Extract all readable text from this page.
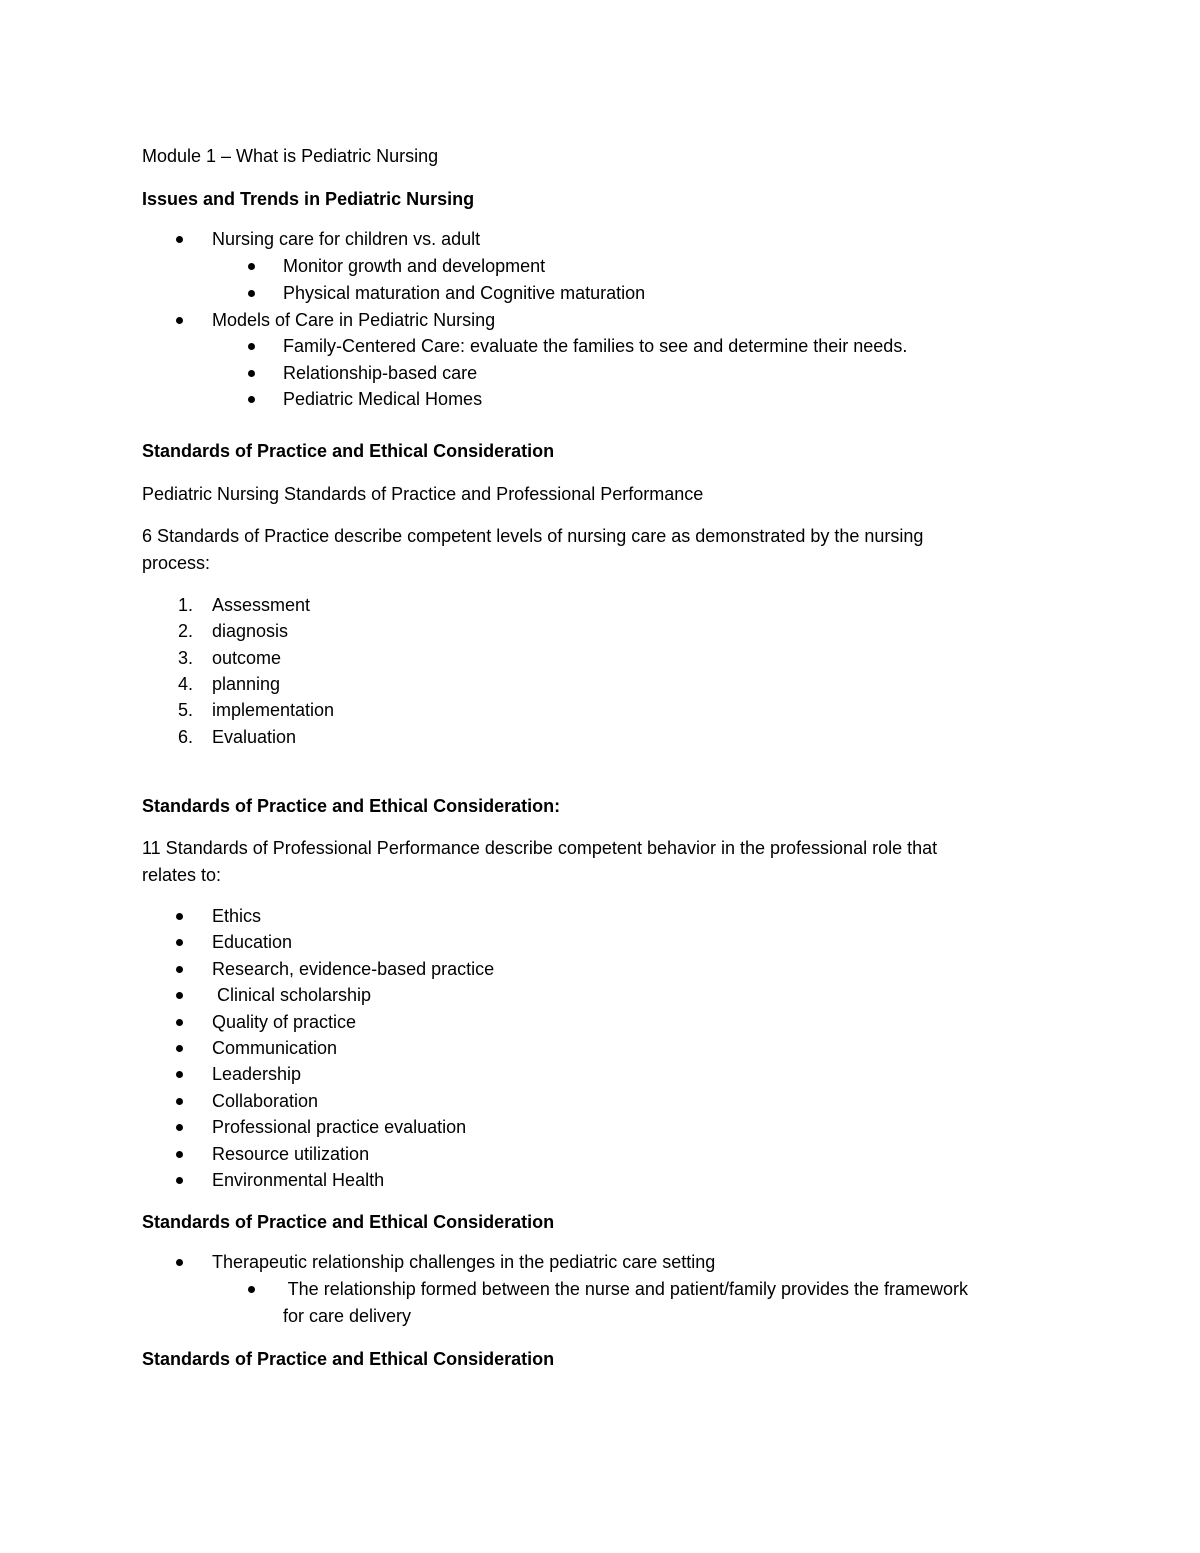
Module 1 – What is Pediatric Nursing
Issues and Trends in Pediatric Nursing
Nursing care for children vs. adult
Monitor growth and development
Physical maturation and Cognitive maturation
Models of Care in Pediatric Nursing
Family-Centered Care: evaluate the families to see and determine their needs.
Relationship-based care
Pediatric Medical Homes
Standards of Practice and Ethical Consideration
Pediatric Nursing Standards of Practice and Professional Performance
6 Standards of Practice describe competent levels of nursing care as demonstrated by the nursing
process:
1. Assessment
2. diagnosis
3. outcome
4. planning
5. implementation
6. Evaluation
Standards of Practice and Ethical Consideration:
11 Standards of Professional Performance describe competent behavior in the professional role that
relates to:
Ethics
Education
Research, evidence-based practice
Clinical scholarship
Quality of practice
Communication
Leadership
Collaboration
Professional practice evaluation
Resource utilization
Environmental Health
Standards of Practice and Ethical Consideration
Therapeutic relationship challenges in the pediatric care setting
The relationship formed between the nurse and patient/family provides the framework
for care delivery
Standards of Practice and Ethical Consideration
